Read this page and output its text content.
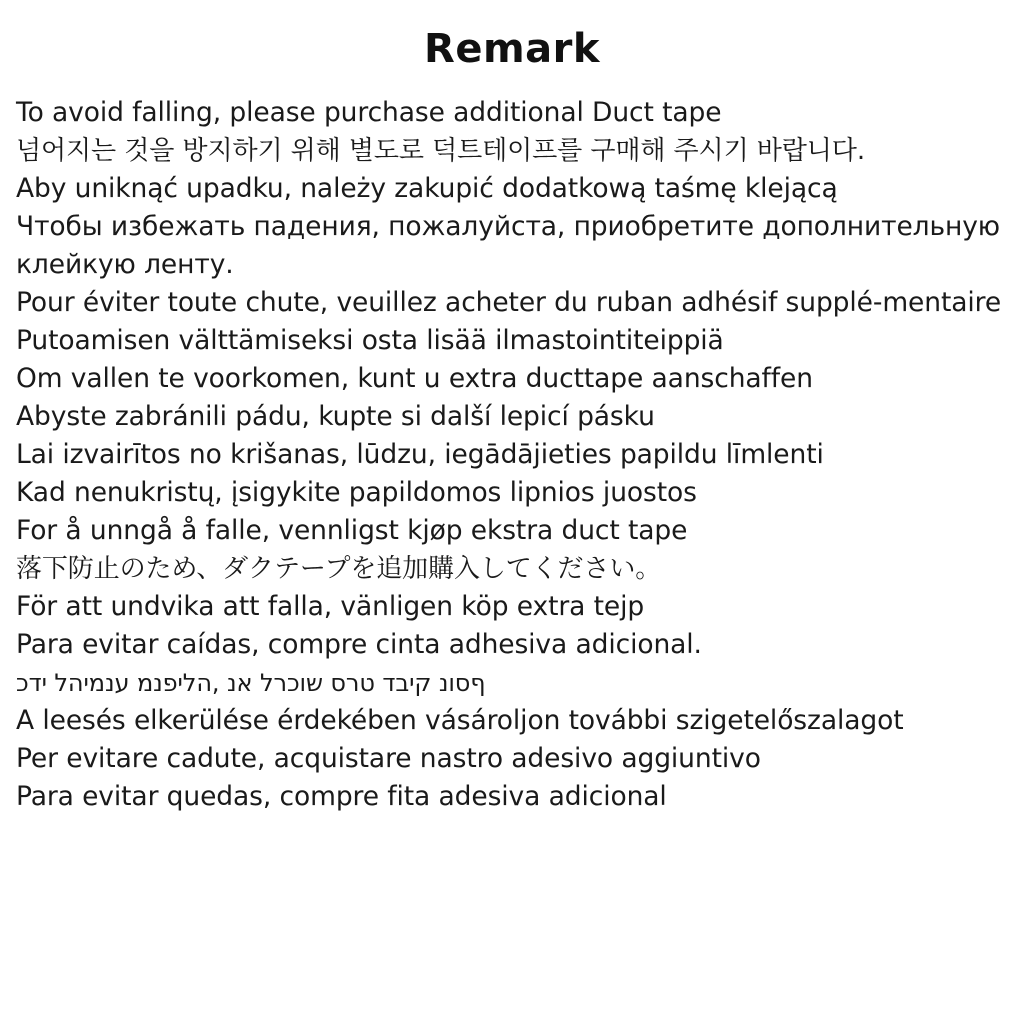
Remark
To avoid falling, please purchase additional Duct tape
넘어지는 것을 방지하기 위해 별도로 덕트테이프를 구매해 주시기 바랍니다.
Aby uniknąć upadku, należy zakupić dodatkową taśmę klejącą
Чтобы избежать падения, пожалуйста, приобретите дополнительную клейкую ленту.
Pour éviter toute chute, veuillez acheter du ruban adhésif supplé-mentaire
Putoamisen välttämiseksi osta lisää ilmastointiteippiä
Om vallen te voorkomen, kunt u extra ducttape aanschaffen
Abyste zabránili pádu, kupte si další lepicí pásku
Lai izvairītos no krišanas, lūdzu, iegādājieties papildu līmlenti
Kad nenukristų, įsigykite papildomos lipnios juostos
For å unngå å falle, vennligst kjøp ekstra duct tape
落下防止のため、ダクテープを追加購入してください。
För att undvika att falla, vänligen köp extra tejp
Para evitar caídas, compre cinta adhesiva adicional.
ףסונ קיבד טרס שוכרל אנ ,הליפנמ ענמיהל ידכ
A leesés elkerülése érdekében vásároljon további szigetelőszalagot
Per evitare cadute, acquistare nastro adesivo aggiuntivo
Para evitar quedas, compre fita adesiva adicional
